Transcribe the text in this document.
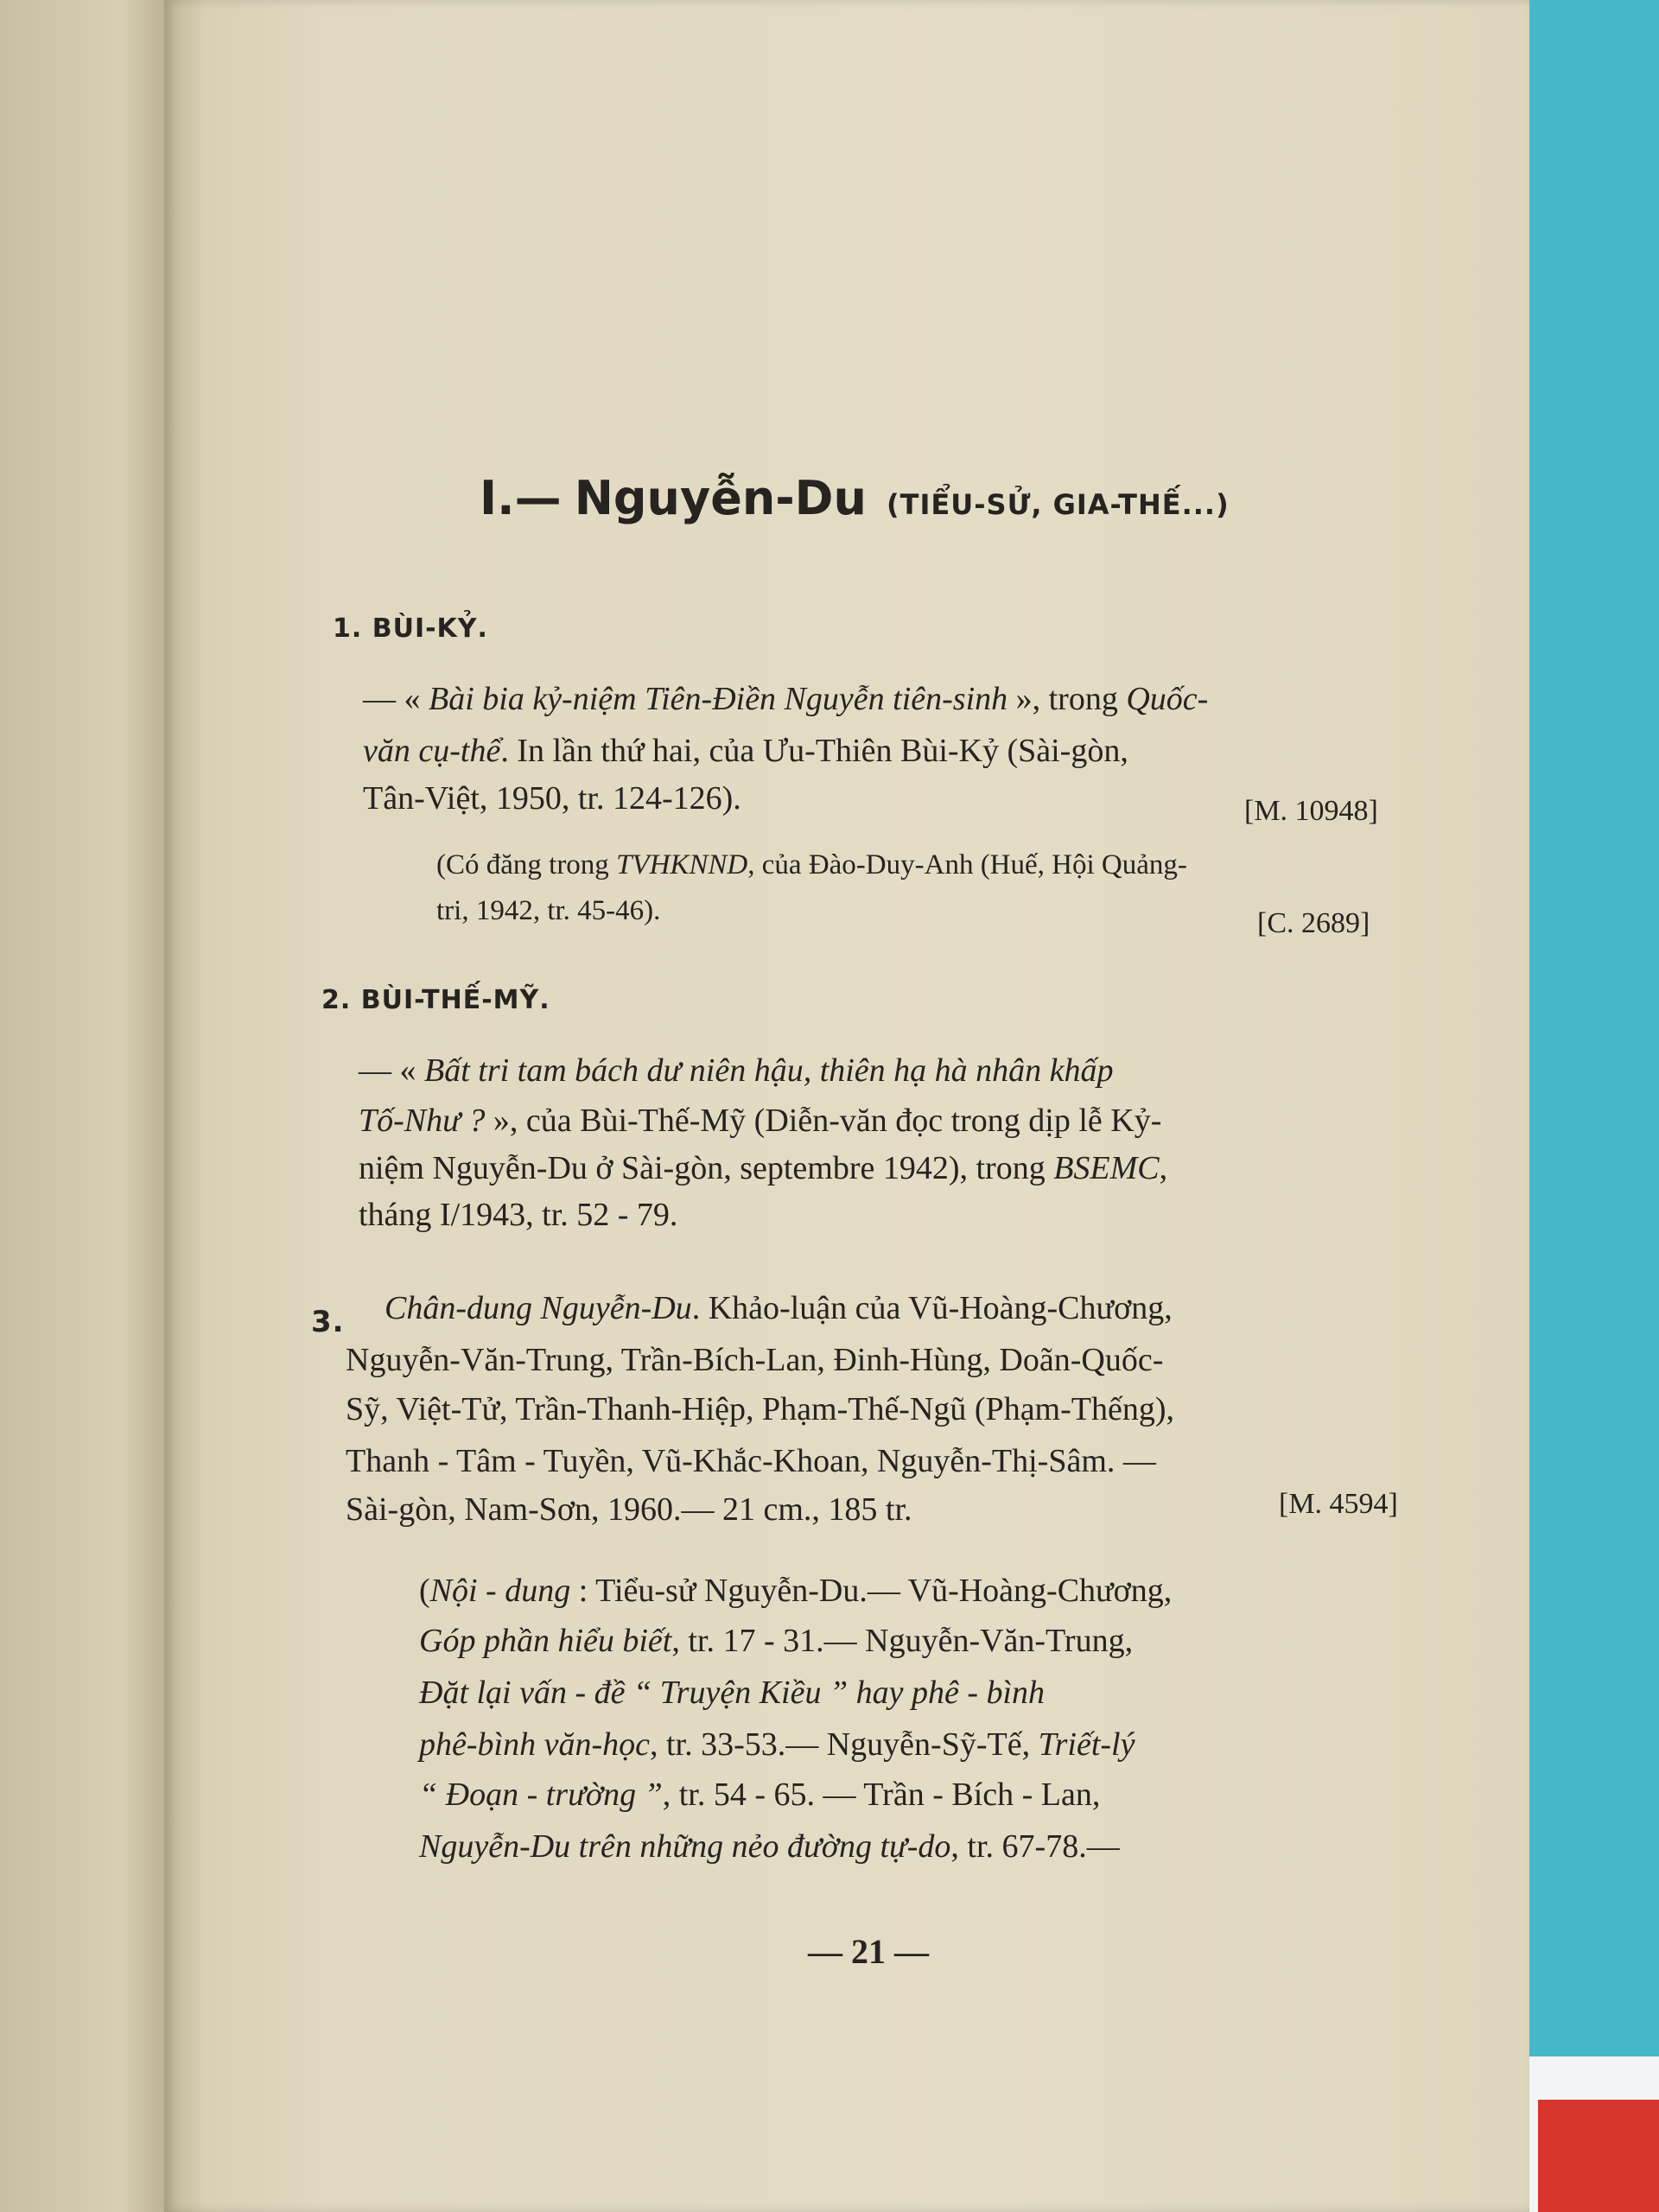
I.— Nguyễn-Du (TIỂU-SỬ, GIA-THẾ...)
1. BÙI-KỶ.
— « Bài bia kỷ-niệm Tiên-Điền Nguyễn tiên-sinh », trong Quốc-
văn cụ-thể. In lần thứ hai, của Ưu-Thiên Bùi-Kỷ (Sài-gòn,
Tân-Việt, 1950, tr. 124-126).	[M. 10948]
(Có đăng trong TVHKNND, của Đào-Duy-Anh (Huế, Hội Quảng-
tri, 1942, tr. 45-46).	[C. 2689]
2. BÙI-THẾ-MỸ.
— « Bất tri tam bách dư niên hậu, thiên hạ hà nhân khấp
Tố-Như ? », của Bùi-Thế-Mỹ (Diễn-văn đọc trong dịp lễ Kỷ-
niệm Nguyễn-Du ở Sài-gòn, septembre 1942), trong BSEMC,
tháng I/1943, tr. 52 - 79.
3. Chân-dung Nguyễn-Du. Khảo-luận của Vũ-Hoàng-Chương,
Nguyễn-Văn-Trung, Trần-Bích-Lan, Đinh-Hùng, Doãn-Quốc-
Sỹ, Việt-Tử, Trần-Thanh-Hiệp, Phạm-Thế-Ngũ (Phạm-Thếng),
Thanh - Tâm - Tuyền, Vũ-Khắc-Khoan, Nguyễn-Thị-Sâm. —
Sài-gòn, Nam-Sơn, 1960.— 21 cm., 185 tr.	[M. 4594]
(Nội - dung : Tiểu-sử Nguyễn-Du.— Vũ-Hoàng-Chương,
Góp phần hiểu biết, tr. 17 - 31.— Nguyễn-Văn-Trung,
Đặt lại vấn - đề “ Truyện Kiều ” hay phê - bình
phê-bình văn-học, tr. 33-53.— Nguyễn-Sỹ-Tế, Triết-lý
“ Đoạn - trường ”, tr. 54 - 65. — Trần - Bích - Lan,
Nguyễn-Du trên những nẻo đường tự-do, tr. 67-78.—
— 21 —
